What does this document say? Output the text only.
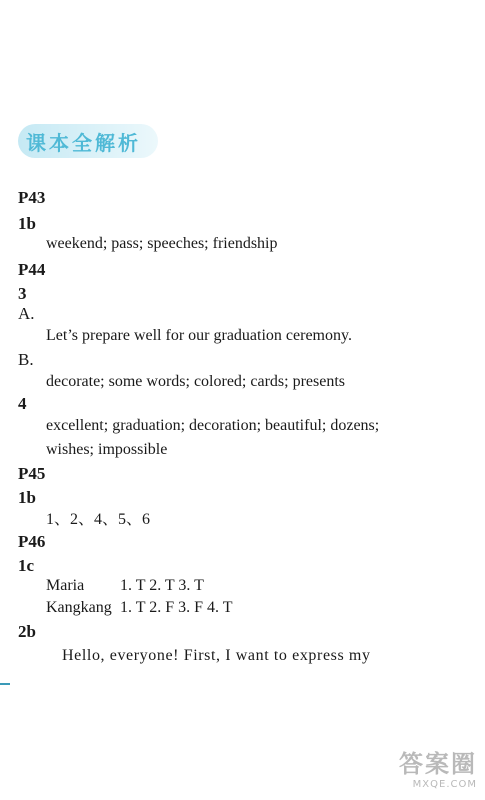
课本全解析
P43
1b
weekend; pass; speeches; friendship
P44
3
A.
Let’s prepare well for our graduation ceremony.
B.
decorate; some words; colored; cards; presents
4
excellent; graduation; decoration; beautiful; dozens;
wishes; impossible
P45
1b
1、2、4、5、6
P46
1c
Maria 1. T 2. T 3. T
Kangkang 1. T 2. F 3. F 4. T
2b
Hello, everyone! First, I want to express my
答案圈
MXQE.COM
